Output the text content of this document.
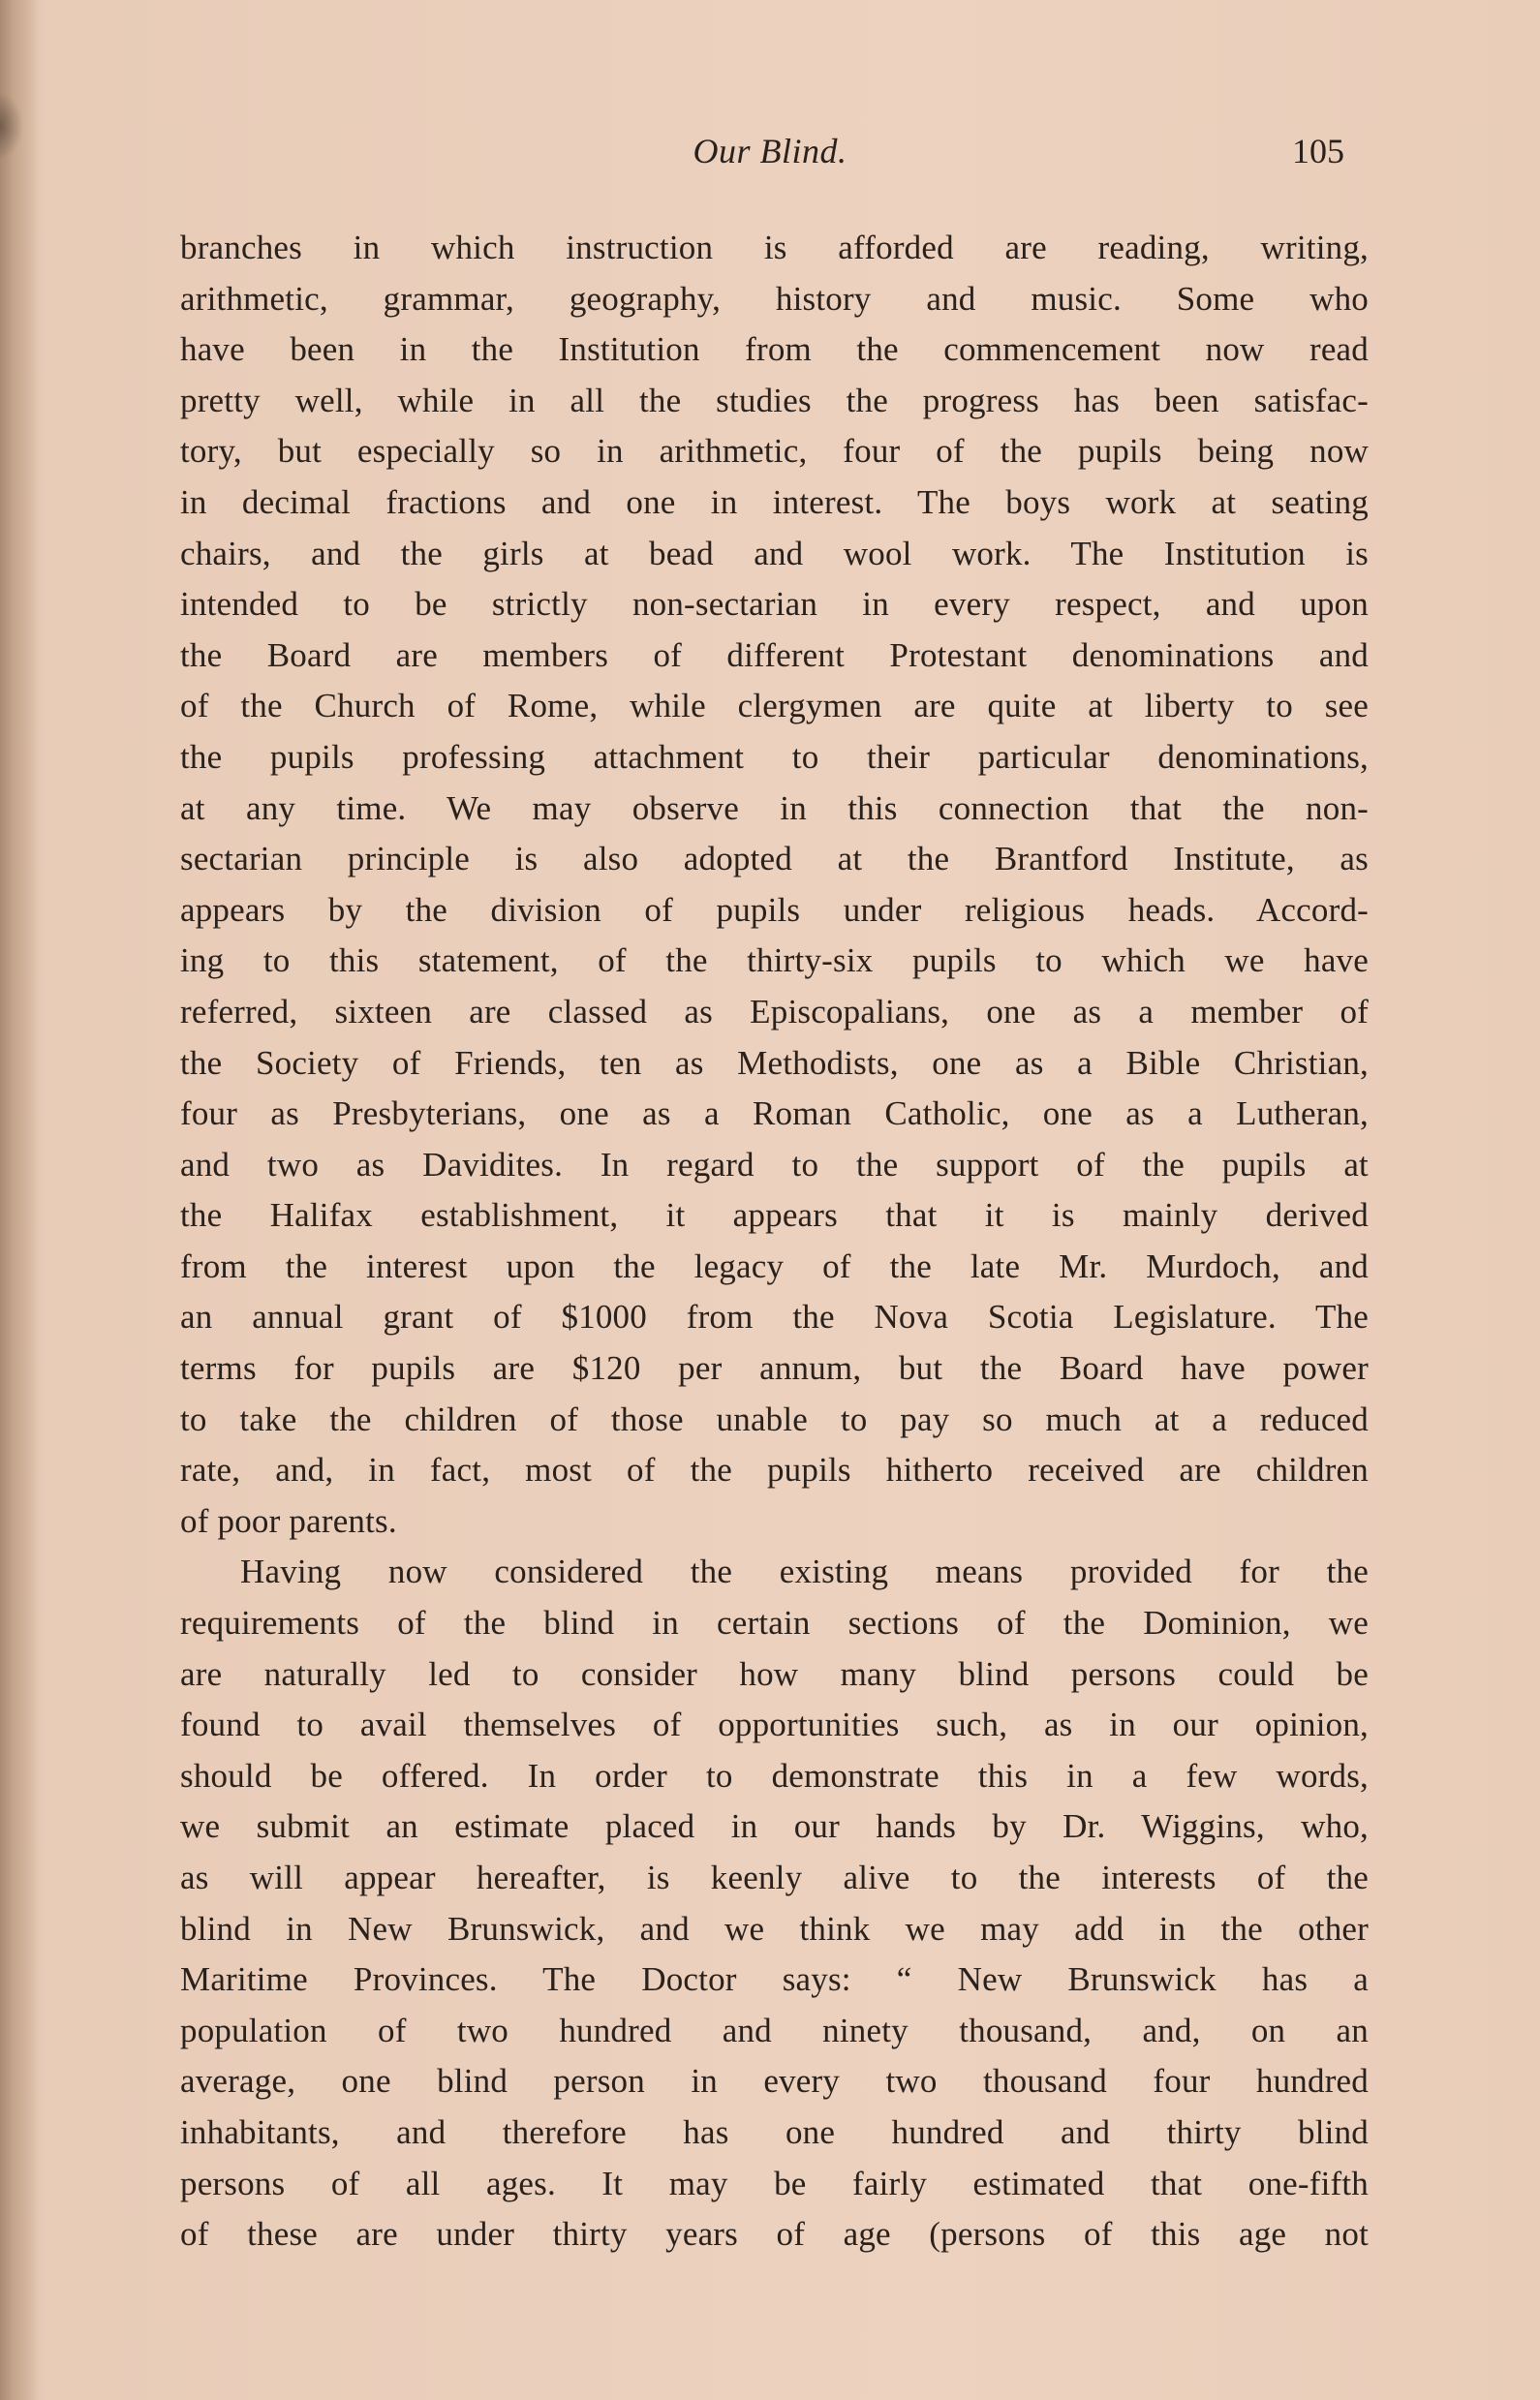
Our Blind.	105
branches in which instruction is afforded are reading, writing,
arithmetic, grammar, geography, history and music. Some who
have been in the Institution from the commencement now read
pretty well, while in all the studies the progress has been satisfac-
tory, but especially so in arithmetic, four of the pupils being now
in decimal fractions and one in interest. The boys work at seating
chairs, and the girls at bead and wool work. The Institution is
intended to be strictly non-sectarian in every respect, and upon
the Board are members of different Protestant denominations and
of the Church of Rome, while clergymen are quite at liberty to see
the pupils professing attachment to their particular denominations,
at any time. We may observe in this connection that the non-
sectarian principle is also adopted at the Brantford Institute, as
appears by the division of pupils under religious heads. Accord-
ing to this statement, of the thirty-six pupils to which we have
referred, sixteen are classed as Episcopalians, one as a member of
the Society of Friends, ten as Methodists, one as a Bible Christian,
four as Presbyterians, one as a Roman Catholic, one as a Lutheran,
and two as Davidites. In regard to the support of the pupils at
the Halifax establishment, it appears that it is mainly derived
from the interest upon the legacy of the late Mr. Murdoch, and
an annual grant of $1000 from the Nova Scotia Legislature. The
terms for pupils are $120 per annum, but the Board have power
to take the children of those unable to pay so much at a reduced
rate, and, in fact, most of the pupils hitherto received are children
of poor parents.
Having now considered the existing means provided for the
requirements of the blind in certain sections of the Dominion, we
are naturally led to consider how many blind persons could be
found to avail themselves of opportunities such, as in our opinion,
should be offered. In order to demonstrate this in a few words,
we submit an estimate placed in our hands by Dr. Wiggins, who,
as will appear hereafter, is keenly alive to the interests of the
blind in New Brunswick, and we think we may add in the other
Maritime Provinces. The Doctor says: “ New Brunswick has a
population of two hundred and ninety thousand, and, on an
average, one blind person in every two thousand four hundred
inhabitants, and therefore has one hundred and thirty blind
persons of all ages. It may be fairly estimated that one-fifth
of these are under thirty years of age (persons of this age not
